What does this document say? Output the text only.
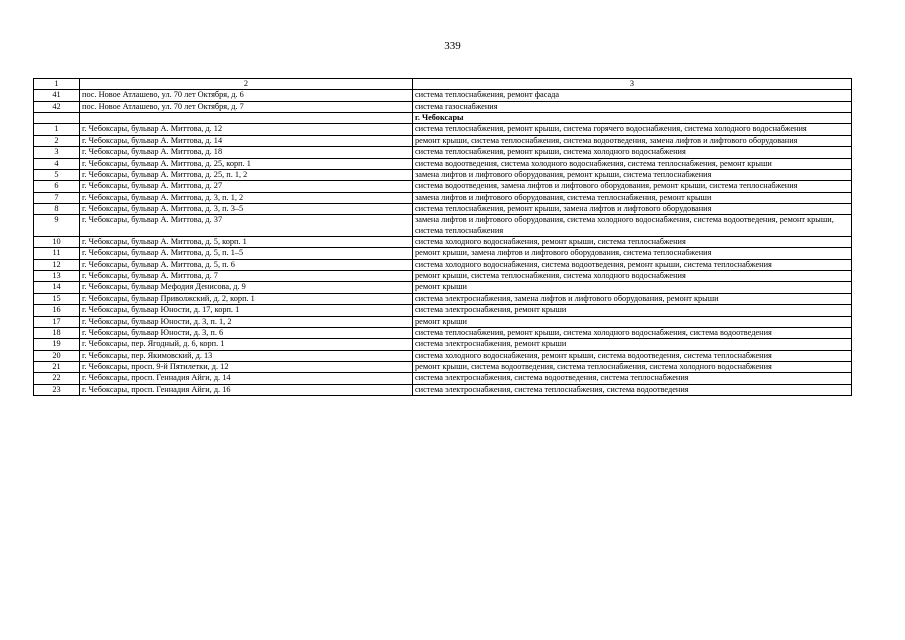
339
1	2	3
41	пос. Новое Атлашево, ул. 70 лет Октября, д. 6	система теплоснабжения, ремонт фасада
42	пос. Новое Атлашево, ул. 70 лет Октября, д. 7	система газоснабжения
		г. Чебоксары
1	г. Чебоксары, бульвар А. Миттова, д. 12	система теплоснабжения, ремонт крыши, система горячего водоснабжения, система холодного водоснабжения
2	г. Чебоксары, бульвар А. Миттова, д. 14	ремонт крыши, система теплоснабжения, система водоотведения, замена лифтов и лифтового оборудования
3	г. Чебоксары, бульвар А. Миттова, д. 18	система теплоснабжения, ремонт крыши, система холодного водоснабжения
4	г. Чебоксары, бульвар А. Миттова, д. 25, корп. 1	система водоотведения, система холодного водоснабжения, система теплоснабжения, ремонт крыши
5	г. Чебоксары, бульвар А. Миттова, д. 25, п. 1, 2	замена лифтов и лифтового оборудования, ремонт крыши, система теплоснабжения
6	г. Чебоксары, бульвар А. Миттова, д. 27	система водоотведения, замена лифтов и лифтового оборудования, ремонт крыши, система теплоснабжения
7	г. Чебоксары, бульвар А. Миттова, д. 3, п. 1, 2	замена лифтов и лифтового оборудования, система теплоснабжения, ремонт крыши
8	г. Чебоксары, бульвар А. Миттова, д. 3, п. 3–5	система теплоснабжения, ремонт крыши, замена лифтов и лифтового оборудования
9	г. Чебоксары, бульвар А. Миттова, д. 37	замена лифтов и лифтового оборудования, система холодного водоснабжения, система водоотведения, ремонт крыши, система теплоснабжения
10	г. Чебоксары, бульвар А. Миттова, д. 5, корп. 1	система холодного водоснабжения, ремонт крыши, система теплоснабжения
11	г. Чебоксары, бульвар А. Миттова, д. 5, п. 1–5	ремонт крыши, замена лифтов и лифтового оборудования, система теплоснабжения
12	г. Чебоксары, бульвар А. Миттова, д. 5, п. 6	система холодного водоснабжения, система водоотведения, ремонт крыши, система теплоснабжения
13	г. Чебоксары, бульвар А. Миттова, д. 7	ремонт крыши, система теплоснабжения, система холодного водоснабжения
14	г. Чебоксары, бульвар Мефодия Денисова, д. 9	ремонт крыши
15	г. Чебоксары, бульвар Приволжский, д. 2, корп. 1	система электроснабжения, замена лифтов и лифтового оборудования, ремонт крыши
16	г. Чебоксары, бульвар Юности, д. 17, корп. 1	система электроснабжения, ремонт крыши
17	г. Чебоксары, бульвар Юности, д. 3, п. 1, 2	ремонт крыши
18	г. Чебоксары, бульвар Юности, д. 3, п. 6	система теплоснабжения, ремонт крыши, система холодного водоснабжения, система водоотведения
19	г. Чебоксары, пер. Ягодный, д. 6, корп. 1	система электроснабжения, ремонт крыши
20	г. Чебоксары, пер. Якимовский, д. 13	система холодного водоснабжения, ремонт крыши, система водоотведения, система теплоснабжения
21	г. Чебоксары, просп. 9-й Пятилетки, д. 12	ремонт крыши, система водоотведения, система теплоснабжения, система холодного водоснабжения
22	г. Чебоксары, просп. Геннадия Айги, д. 14	система электроснабжения, система водоотведения, система теплоснабжения
23	г. Чебоксары, просп. Геннадия Айги, д. 16	система электроснабжения, система теплоснабжения, система водоотведения
